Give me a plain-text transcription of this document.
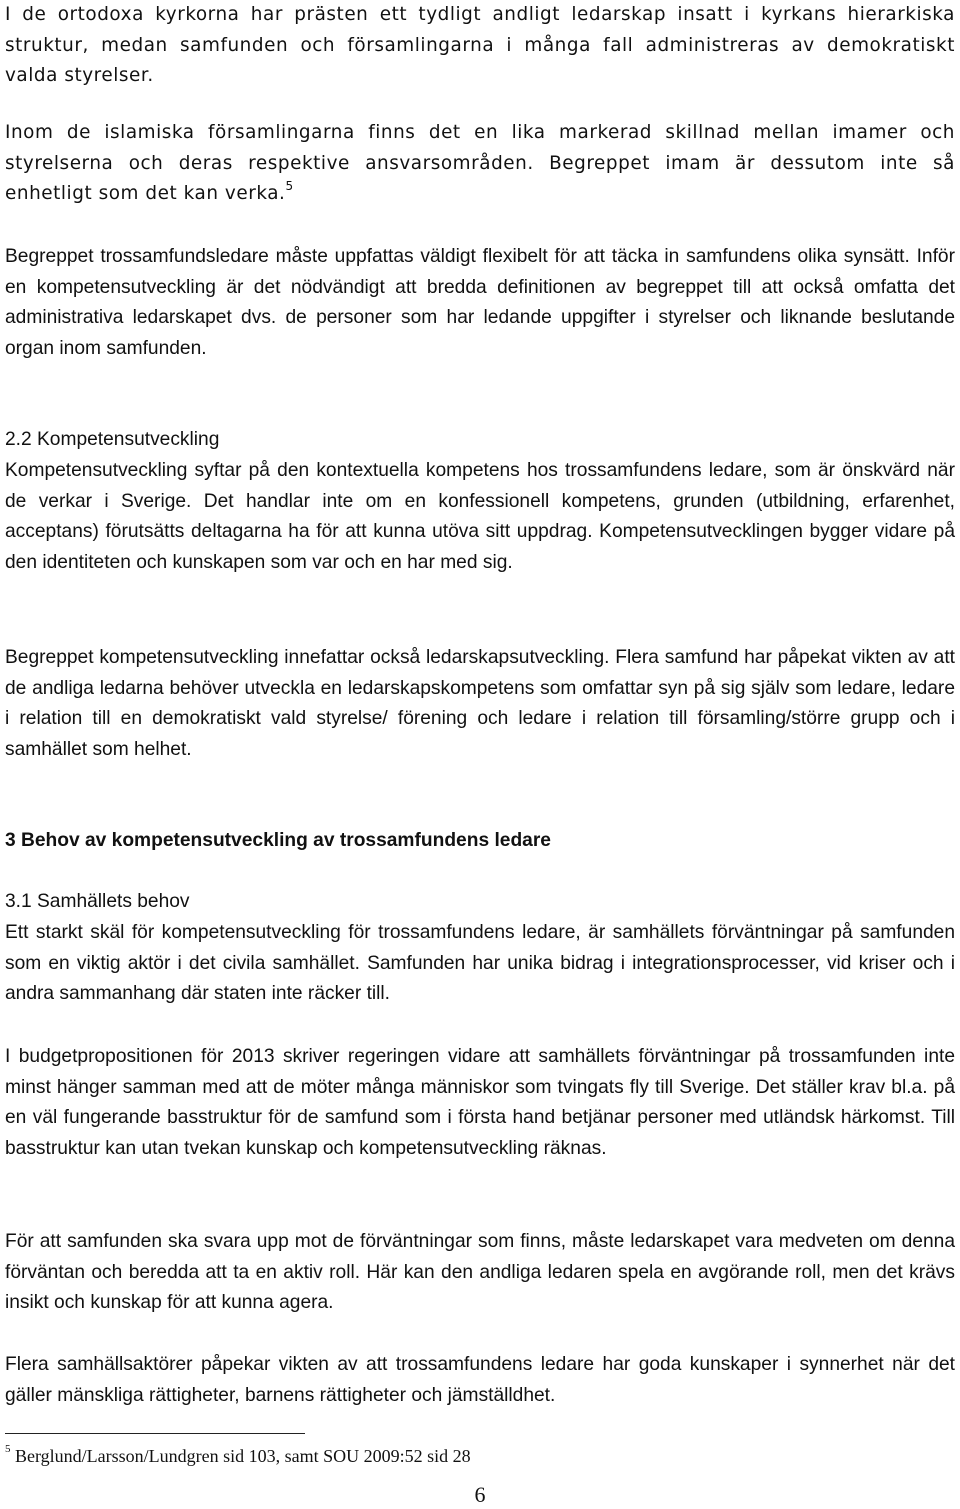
I de ortodoxa kyrkorna har prästen ett tydligt andligt ledarskap insatt i kyrkans hierarkiska struktur, medan samfunden och församlingarna i många fall administreras av demokratiskt valda styrelser.

Inom de islamiska församlingarna finns det en lika markerad skillnad mellan imamer och styrelserna och deras respektive ansvarsområden. Begreppet imam är dessutom inte så enhetligt som det kan verka.$^5$

Begreppet trossamfundsledare måste uppfattas väldigt flexibelt för att täcka in samfundens olika synsätt. Inför en kompetensutveckling är det nödvändigt att bredda definitionen av begreppet till att också omfatta det administrativa ledarskapet dvs. de personer som har ledande uppgifter i styrelser och liknande beslutande organ inom samfunden.

2.2 Kompetensutveckling

Kompetensutveckling syftar på den kontextuella kompetens hos trossamfundens ledare, som är önskvärd när de verkar i Sverige. Det handlar inte om en konfessionell kompetens, grunden (utbildning, erfarenhet, acceptans) förutsätts deltagarna ha för att kunna utöva sitt uppdrag. Kompetensutvecklingen bygger vidare på den identiteten och kunskapen som var och en har med sig.

Begreppet kompetensutveckling innefattar också ledarskapsutveckling. Flera samfund har påpekat vikten av att de andliga ledarna behöver utveckla en ledarskapskompetens som omfattar syn på sig själv som ledare, ledare i relation till en demokratiskt vald styrelse/ förening och ledare i relation till församling/större grupp och i samhället som helhet.

3 Behov av kompetensutveckling av trossamfundens ledare

3.1 Samhällets behov

Ett starkt skäl för kompetensutveckling för trossamfundens ledare, är samhällets förväntningar på samfunden som en viktig aktör i det civila samhället. Samfunden har unika bidrag i integrationsprocesser, vid kriser och i andra sammanhang där staten inte räcker till.

I budgetpropositionen för 2013 skriver regeringen vidare att samhällets förväntningar på trossamfunden inte minst hänger samman med att de möter många människor som tvingats fly till Sverige. Det ställer krav bl.a. på en väl fungerande basstruktur för de samfund som i första hand betjänar personer med utländsk härkomst. Till basstruktur kan utan tvekan kunskap och kompetensutveckling räknas.

För att samfunden ska svara upp mot de förväntningar som finns, måste ledarskapet vara medveten om denna förväntan och beredda att ta en aktiv roll. Här kan den andliga ledaren spela en avgörande roll, men det krävs insikt och kunskap för att kunna agera.

Flera samhällsaktörer påpekar vikten av att trossamfundens ledare har goda kunskaper i synnerhet när det gäller mänskliga rättigheter, barnens rättigheter och jämställdhet.

$^5$ Berglund/Larsson/Lundgren sid 103, samt SOU 2009:52 sid 28

6
